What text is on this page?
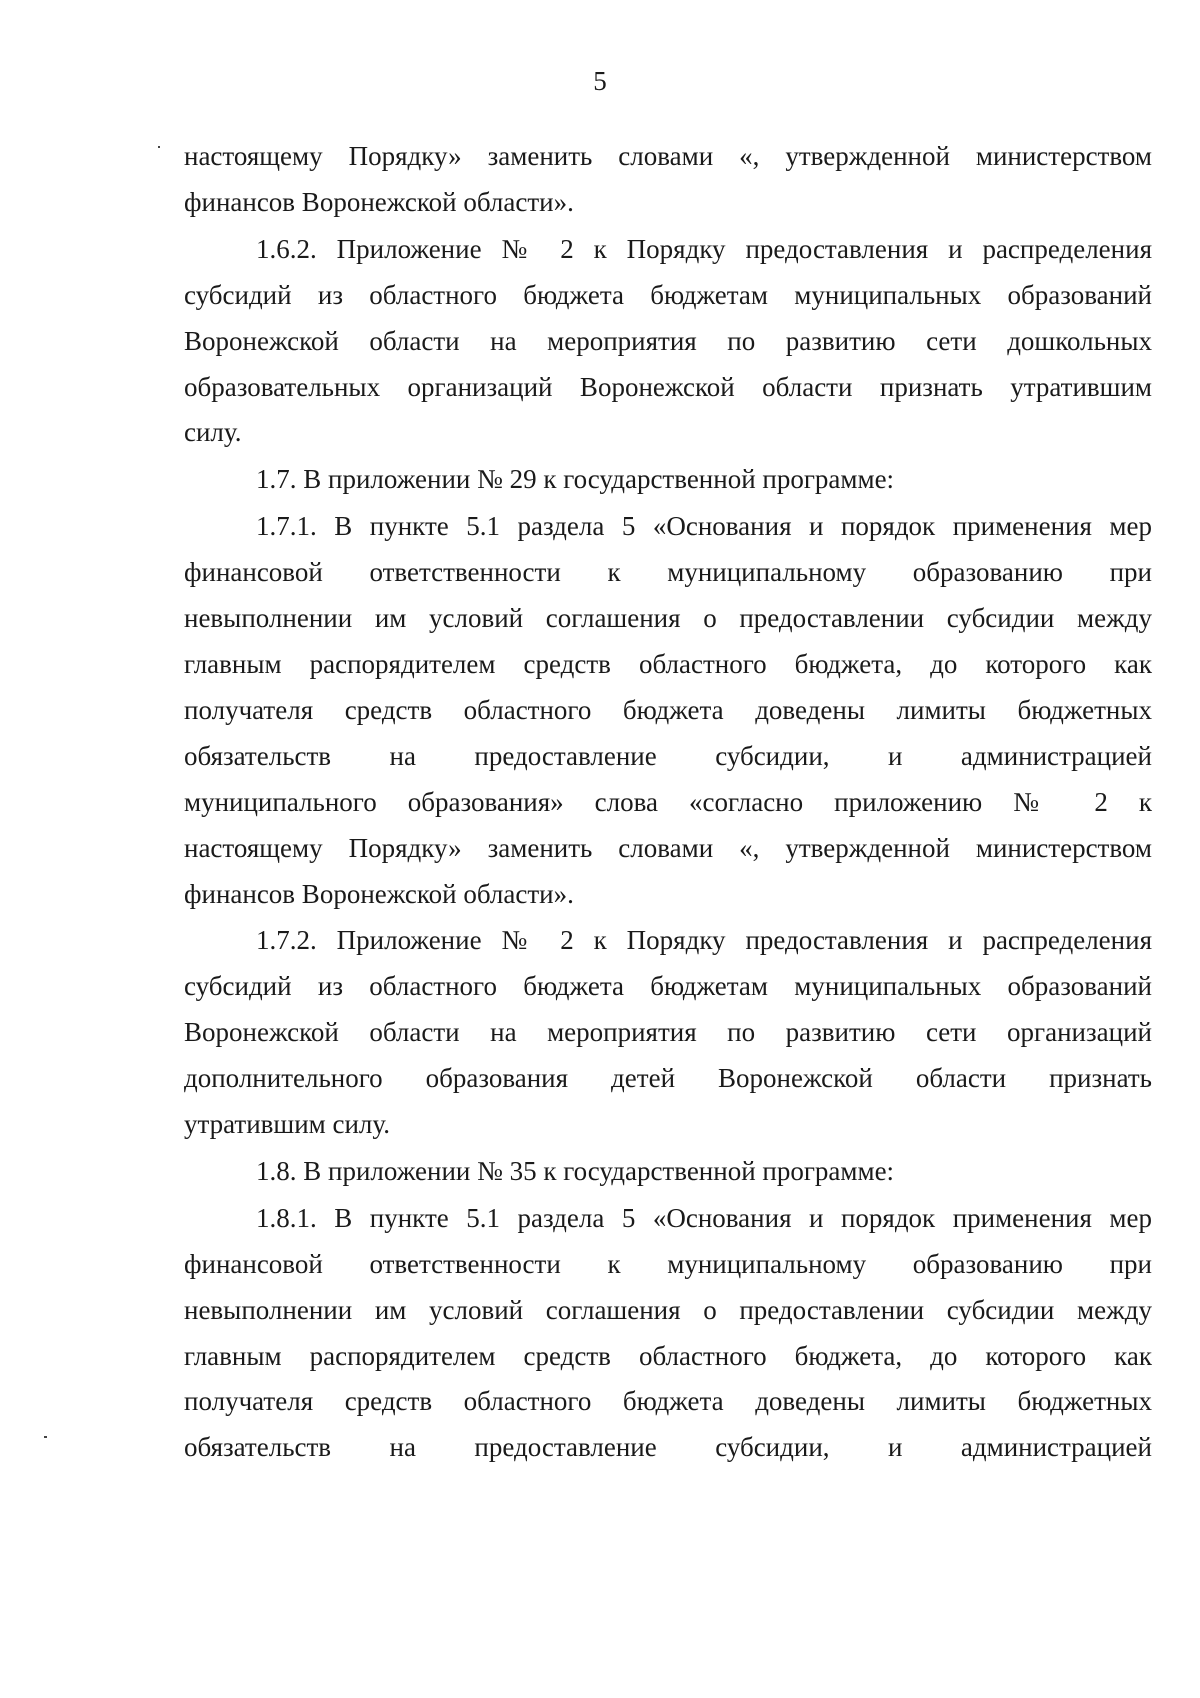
5
настоящему Порядку» заменить словами «, утвержденной министерством
финансов Воронежской области».
1.6.2. Приложение № 2 к Порядку предоставления и распределения
субсидий из областного бюджета бюджетам муниципальных образований
Воронежской области на мероприятия по развитию сети дошкольных
образовательных организаций Воронежской области признать утратившим
силу.
1.7. В приложении № 29 к государственной программе:
1.7.1. В пункте 5.1 раздела 5 «Основания и порядок применения мер
финансовой ответственности к муниципальному образованию при
невыполнении им условий соглашения о предоставлении субсидии между
главным распорядителем средств областного бюджета, до которого как
получателя средств областного бюджета доведены лимиты бюджетных
обязательств на предоставление субсидии, и администрацией
муниципального образования» слова «согласно приложению № 2 к
настоящему Порядку» заменить словами «, утвержденной министерством
финансов Воронежской области».
1.7.2. Приложение № 2 к Порядку предоставления и распределения
субсидий из областного бюджета бюджетам муниципальных образований
Воронежской области на мероприятия по развитию сети организаций
дополнительного образования детей Воронежской области признать
утратившим силу.
1.8. В приложении № 35 к государственной программе:
1.8.1. В пункте 5.1 раздела 5 «Основания и порядок применения мер
финансовой ответственности к муниципальному образованию при
невыполнении им условий соглашения о предоставлении субсидии между
главным распорядителем средств областного бюджета, до которого как
получателя средств областного бюджета доведены лимиты бюджетных
обязательств на предоставление субсидии, и администрацией
